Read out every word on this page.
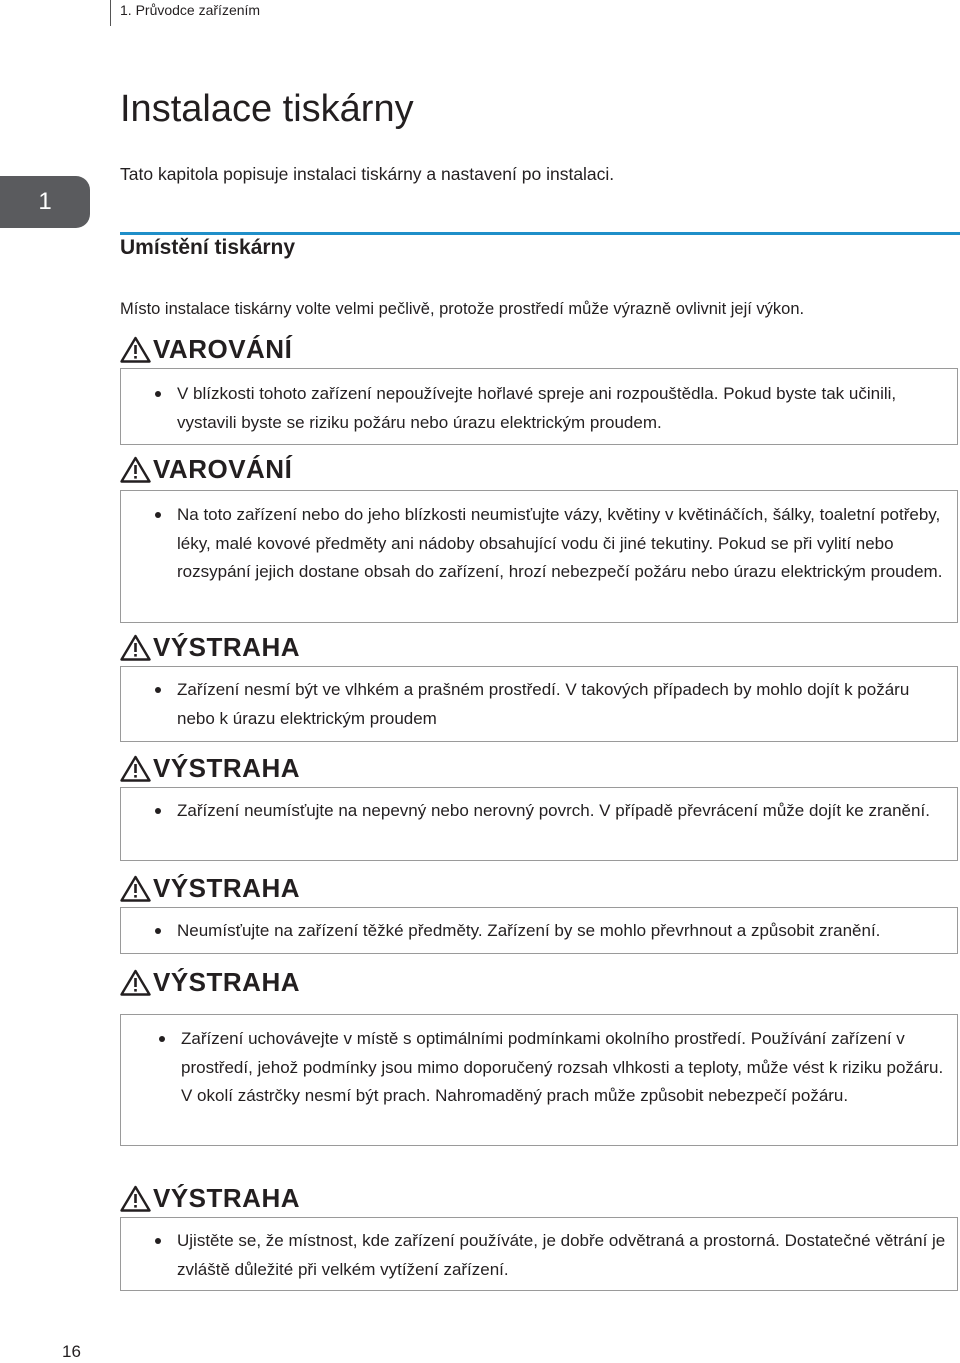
1. Průvodce zařízením
1
Instalace tiskárny

Tato kapitola popisuje instalaci tiskárny a nastavení po instalaci.

Umístění tiskárny

Místo instalace tiskárny volte velmi pečlivě, protože prostředí může výrazně ovlivnit její výkon.

VAROVÁNÍ
V blízkosti tohoto zařízení nepoužívejte hořlavé spreje ani rozpouštědla. Pokud byste tak učinili, vystavili byste se riziku požáru nebo úrazu elektrickým proudem.
VAROVÁNÍ
Na toto zařízení nebo do jeho blízkosti neumisťujte vázy, květiny v květináčích, šálky, toaletní potřeby, léky, malé kovové předměty ani nádoby obsahující vodu či jiné tekutiny. Pokud se při vylití nebo rozsypání jejich dostane obsah do zařízení, hrozí nebezpečí požáru nebo úrazu elektrickým proudem.
VÝSTRAHA
Zařízení nesmí být ve vlhkém a prašném prostředí. V takových případech by mohlo dojít k požáru nebo k úrazu elektrickým proudem
VÝSTRAHA
Zařízení neumísťujte na nepevný nebo nerovný povrch. V případě převrácení může dojít ke zranění.
VÝSTRAHA
Neumísťujte na zařízení těžké předměty. Zařízení by se mohlo převrhnout a způsobit zranění.
VÝSTRAHA
Zařízení uchovávejte v místě s optimálními podmínkami okolního prostředí. Používání zařízení v prostředí, jehož podmínky jsou mimo doporučený rozsah vlhkosti a teploty, může vést k riziku požáru. V okolí zástrčky nesmí být prach. Nahromaděný prach může způsobit nebezpečí požáru.
VÝSTRAHA
Ujistěte se, že místnost, kde zařízení používáte, je dobře odvětraná a prostorná. Dostatečné větrání je zvláště důležité při velkém vytížení zařízení.
16
